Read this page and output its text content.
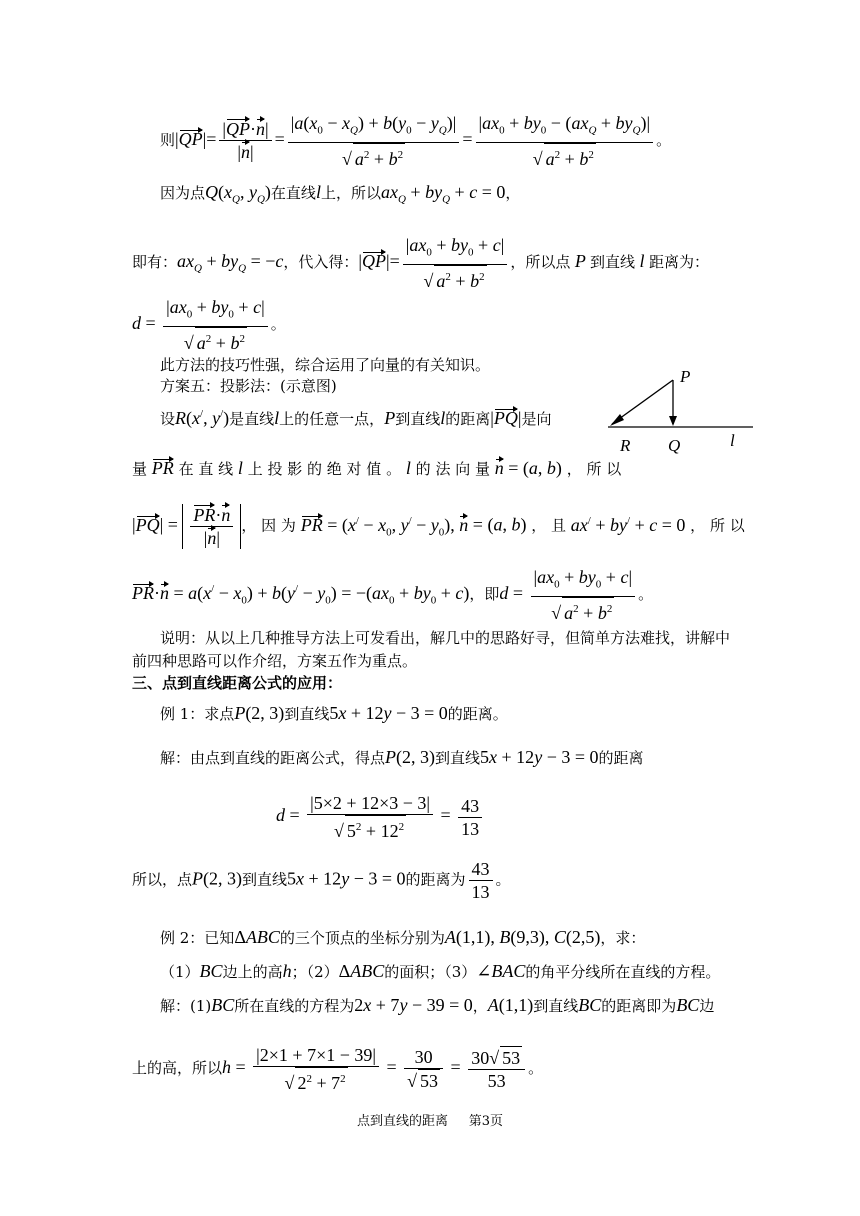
则$|QP|= \frac{|QP\cdot n|}{|n|} = \frac{|a(x_0 - x_Q) + b(y_0 - y_Q)|}{√ a^2 + b^2} = \frac{|ax_0 + by_0 - (ax_Q + by_Q)|}{√ a^2 + b^2}$ 。
因为点$Q(x_Q$, $y_Q$)在直线l上，所以$ax_Q + by_Q + c = 0$，
即有：$ax_Q + by_Q = -c$，代入得：$|QP|= \frac{|ax_0 + by_0 + c|}{√ a^2 + b^2}$ ，所以点 P 到直线 l 距离为：
$d = \frac{|ax_0 + by_0 + c|}{√ a^2 + b^2}$ 。
此方法的技巧性强，综合运用了向量的有关知识。
方案五：投影法：(示意图)	P
R Q	l
设R(x/, y/)是直线l上的任意一点，P到直线l的距离|PQ|是向
量 PR 在 直 线 l 上 投 影 的 绝 对 值 。 l 的 法 向 量 n = (a, b) ， 所 以
$|PQ| = \frac{PR\cdot n}{|n|}$ ， 因 为 PR = ($x^/ - x_0$, $y^/ - y_0$), n = (a, b) ， 且 ax/ + by/ + c = 0 ， 所 以
$PR\cdot n = a(x^/ - x_0) + b(y^/ - y_0) = -(ax_0 + by_0 + c)$，即$d = \frac{|ax_0 + by_0 + c|}{√ a^2 + b^2}$ 。
说明：从以上几种推导方法上可发看出，解几中的思路好寻，但简单方法难找，讲解中
前四种思路可以作介绍，方案五作为重点。
三、点到直线距离公式的应用：
例 1：求点P(2, 3)到直线5x + 12y − 3 = 0的距离。
解：由点到直线的距离公式，得点P(2, 3)到直线5x + 12y − 3 = 0的距离
$d = \frac{|5\times 2 + 12\times 3 - 3|}{√ 5^2 + 12^2} = \frac{43}{13}$
所以，点P(2, 3)到直线5x + 12y − 3 = 0的距离为 $\frac{43}{13}$ 。
例 2：已知ΔABC的三个顶点的坐标分别为A(1,1), B(9,3), C(2,5)，求：
（1）BC边上的高h；（2）ΔABC的面积；（3）∠BAC的角平分线所在直线的方程。
解：(1)BC所在直线的方程为2x + 7y − 39 = 0，A(1,1)到直线BC的距离即为BC边
上的高，所以$h = \frac{|2\times 1 + 7\times 1 - 39|}{√ 2^2 + 7^2} = \frac{30}{√ 53} = \frac{30√ 53}{53}$ 。
点到直线的距离 第3页
